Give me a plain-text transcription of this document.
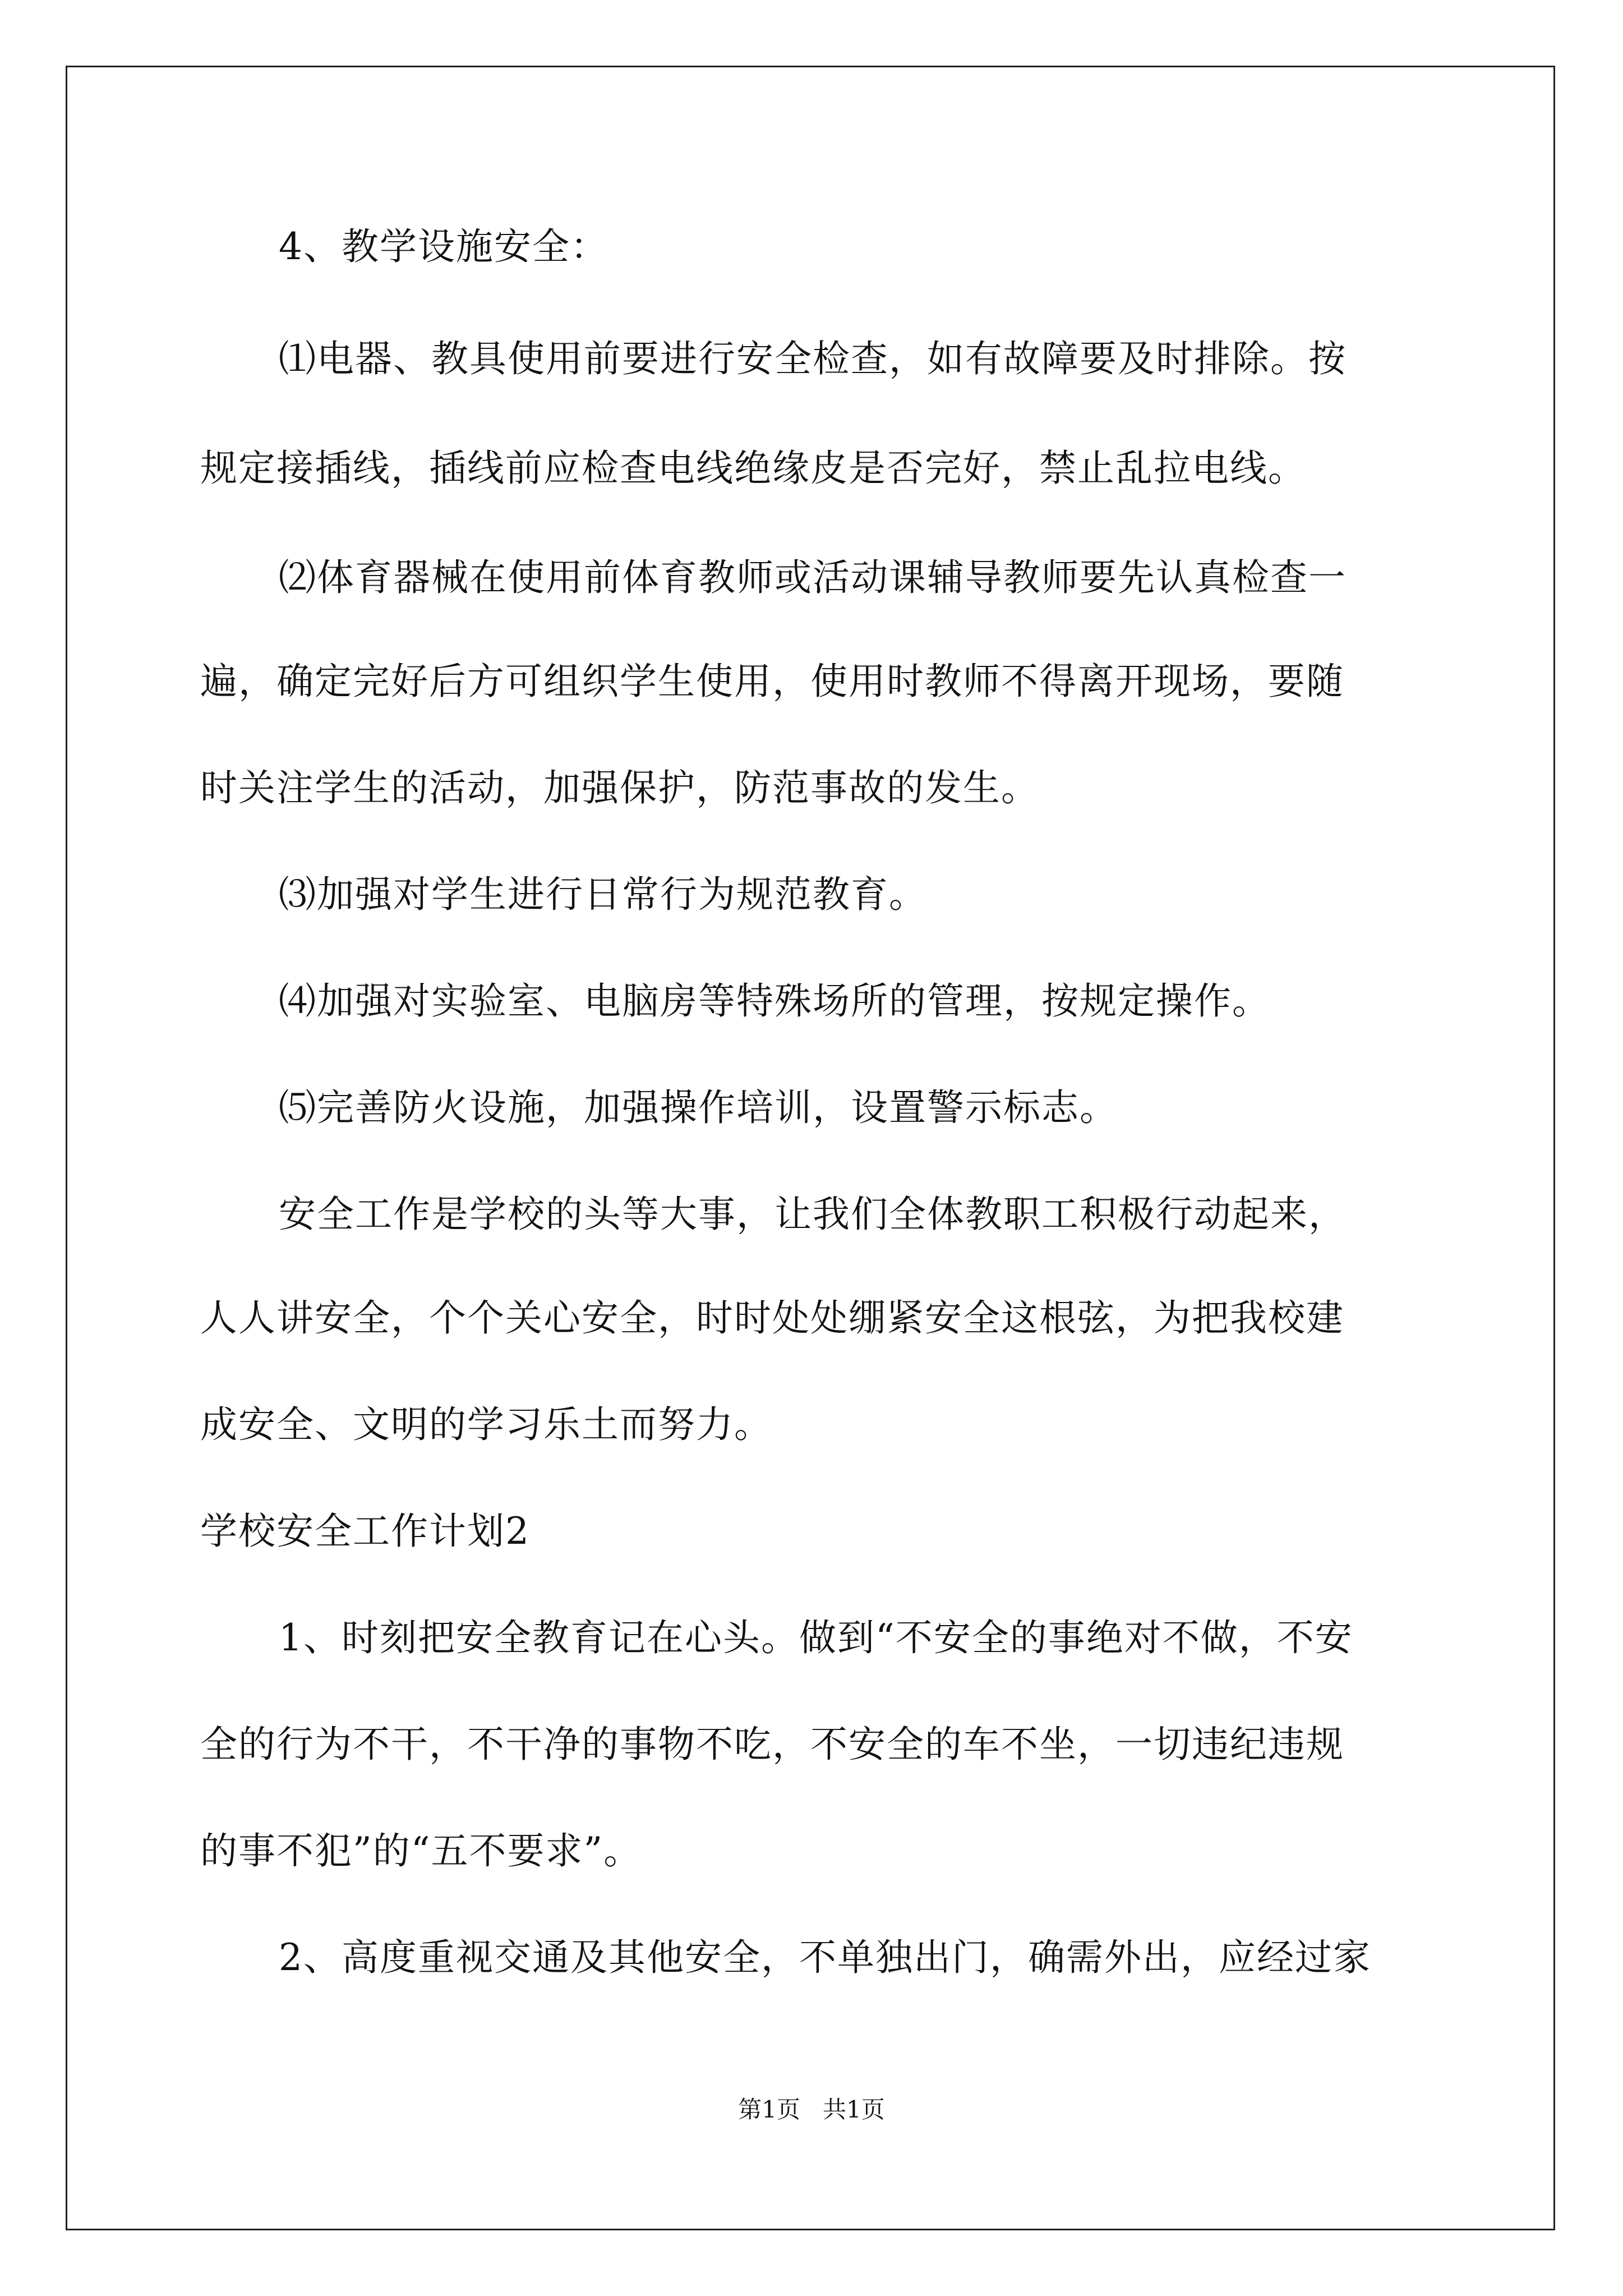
4、教学设施安全：
⑴电器、教具使用前要进行安全检查，如有故障要及时排除。按
规定接插线，插线前应检查电线绝缘皮是否完好，禁止乱拉电线。
⑵体育器械在使用前体育教师或活动课辅导教师要先认真检查一
遍，确定完好后方可组织学生使用，使用时教师不得离开现场，要随
时关注学生的活动，加强保护，防范事故的发生。
⑶加强对学生进行日常行为规范教育。
⑷加强对实验室、电脑房等特殊场所的管理，按规定操作。
⑸完善防火设施，加强操作培训，设置警示标志。
安全工作是学校的头等大事，让我们全体教职工积极行动起来，
人人讲安全，个个关心安全，时时处处绷紧安全这根弦，为把我校建
成安全、文明的学习乐土而努力。
学校安全工作计划2
1、时刻把安全教育记在心头。做到“不安全的事绝对不做，不安
全的行为不干，不干净的事物不吃，不安全的车不坐，一切违纪违规
的事不犯”的“五不要求”。
2、高度重视交通及其他安全，不单独出门，确需外出，应经过家
第1页   共1页
